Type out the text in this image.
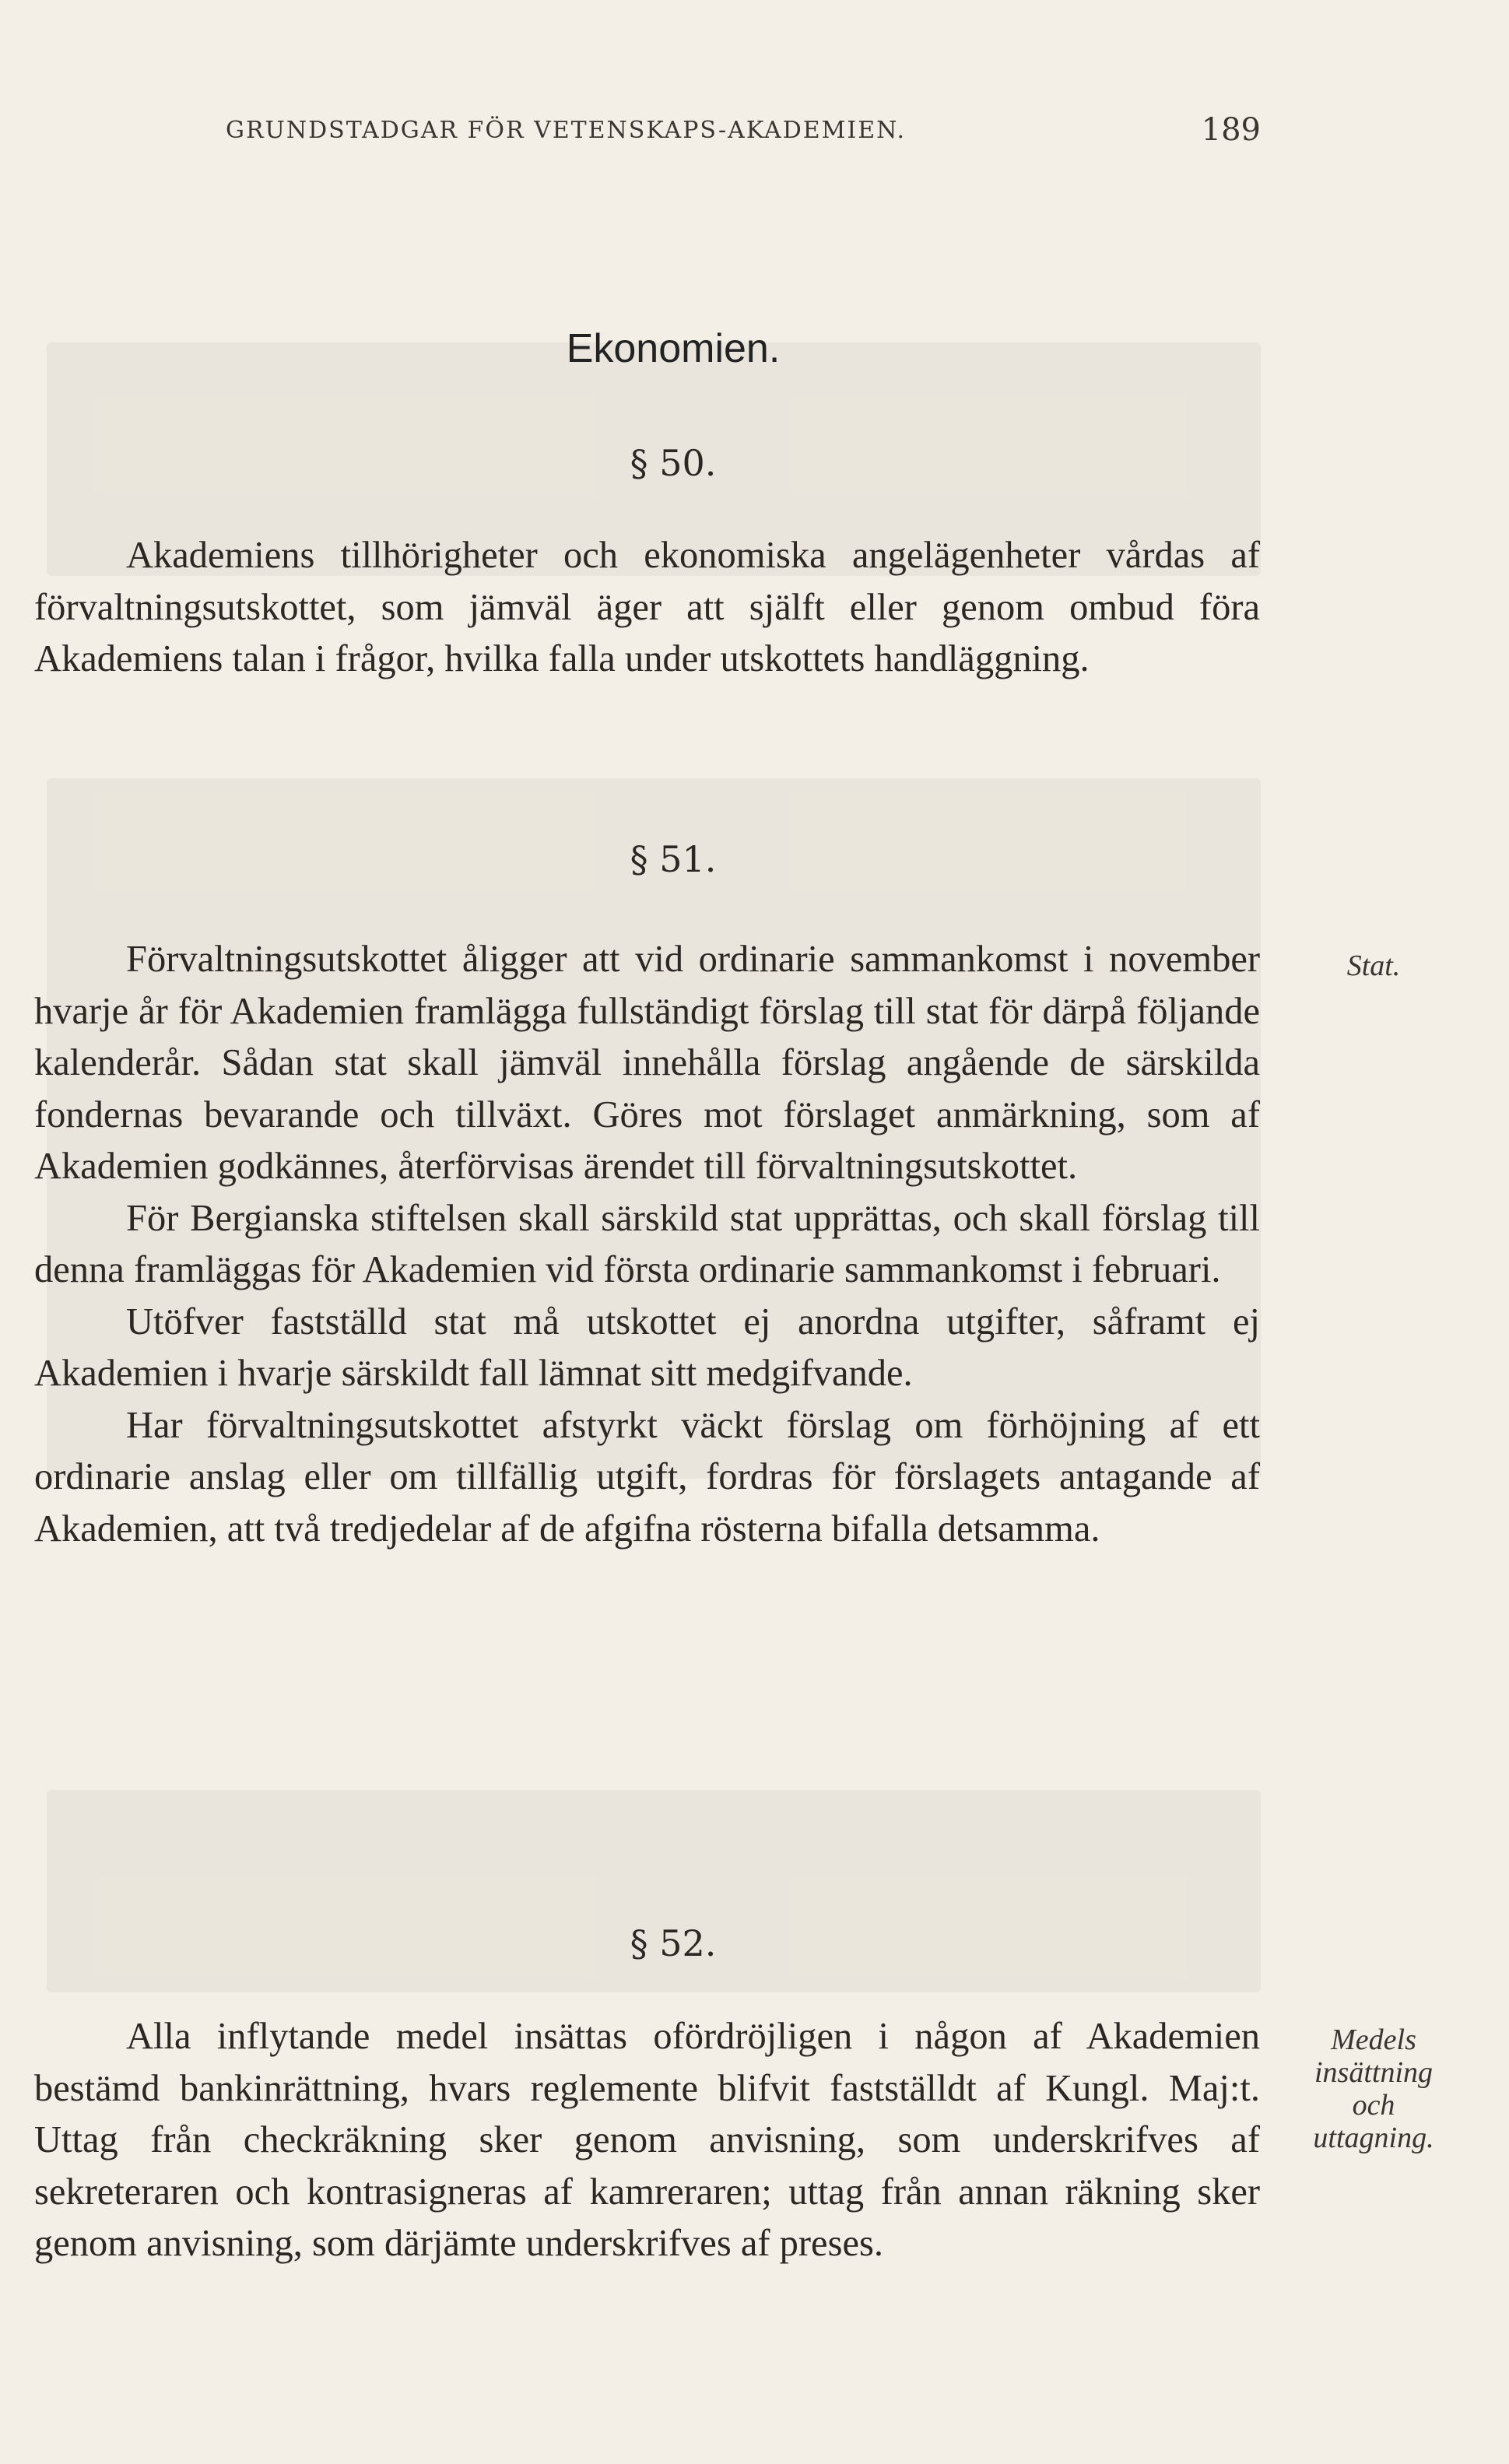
GRUNDSTADGAR FÖR VETENSKAPS-AKADEMIEN.	189
Ekonomien.
§ 50.

Akademiens tillhörigheter och ekonomiska angelägenheter vårdas af förvaltningsutskottet, som jämväl äger att själft eller genom ombud föra Akademiens talan i frågor, hvilka falla under utskottets handläggning.

§ 51.
Stat.

Förvaltningsutskottet åligger att vid ordinarie sammankomst i november hvarje år för Akademien framlägga fullständigt förslag till stat för därpå följande kalenderår. Sådan stat skall jämväl innehålla förslag angående de särskilda fondernas bevarande och tillväxt. Göres mot förslaget anmärkning, som af Akademien godkännes, återförvisas ärendet till förvaltningsutskottet.

För Bergianska stiftelsen skall särskild stat upprättas, och skall förslag till denna framläggas för Akademien vid första ordinarie sammankomst i februari.

Utöfver fastställd stat må utskottet ej anordna utgifter, såframt ej Akademien i hvarje särskildt fall lämnat sitt medgifvande.

Har förvaltningsutskottet afstyrkt väckt förslag om förhöjning af ett ordinarie anslag eller om tillfällig utgift, fordras för förslagets antagande af Akademien, att två tredjedelar af de afgifna rösterna bifalla detsamma.

§ 52.
Medels
insättning
och
uttagning.

Alla inflytande medel insättas ofördröjligen i någon af Akademien bestämd bankinrättning, hvars reglemente blifvit fastställdt af Kungl. Maj:t. Uttag från checkräkning sker genom anvisning, som underskrifves af sekreteraren och kontrasigneras af kamreraren; uttag från annan räkning sker genom anvisning, som därjämte underskrifves af preses.
